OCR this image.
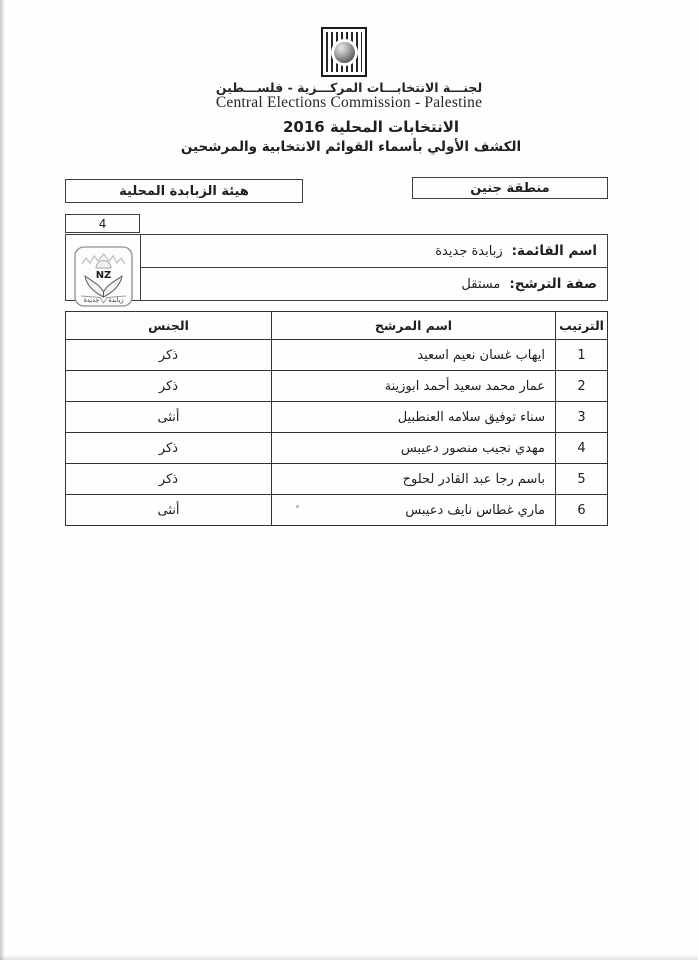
لجنـــة الانتخابـــات المركـــزية - فلســـطين
Central Elections Commission - Palestine
الانتخابات المحلية 2016
الكشف الأولي بأسماء القوائم الانتخابية والمرشحين
منطقة جنين
هيئة الزبابدة المحلية
4
اسم القائمة:
زبابدة جديدة
صفة الترشح:
مستقل
NZ
زبابدة
جديدة
الترتيب
اسم المرشح
الجنس
1
ايهاب غسان نعيم اسعيد
ذكر
2
عمار محمد سعيد أحمد ابوزينة
ذكر
3
سناء توفيق سلامه العنطبيل
أنثى
4
مهدي نجيب منصور دعيبس
ذكر
5
باسم رجا عبد القادر لحلوح
ذكر
6
ماري غطاس نايف دعيبس
أنثى
